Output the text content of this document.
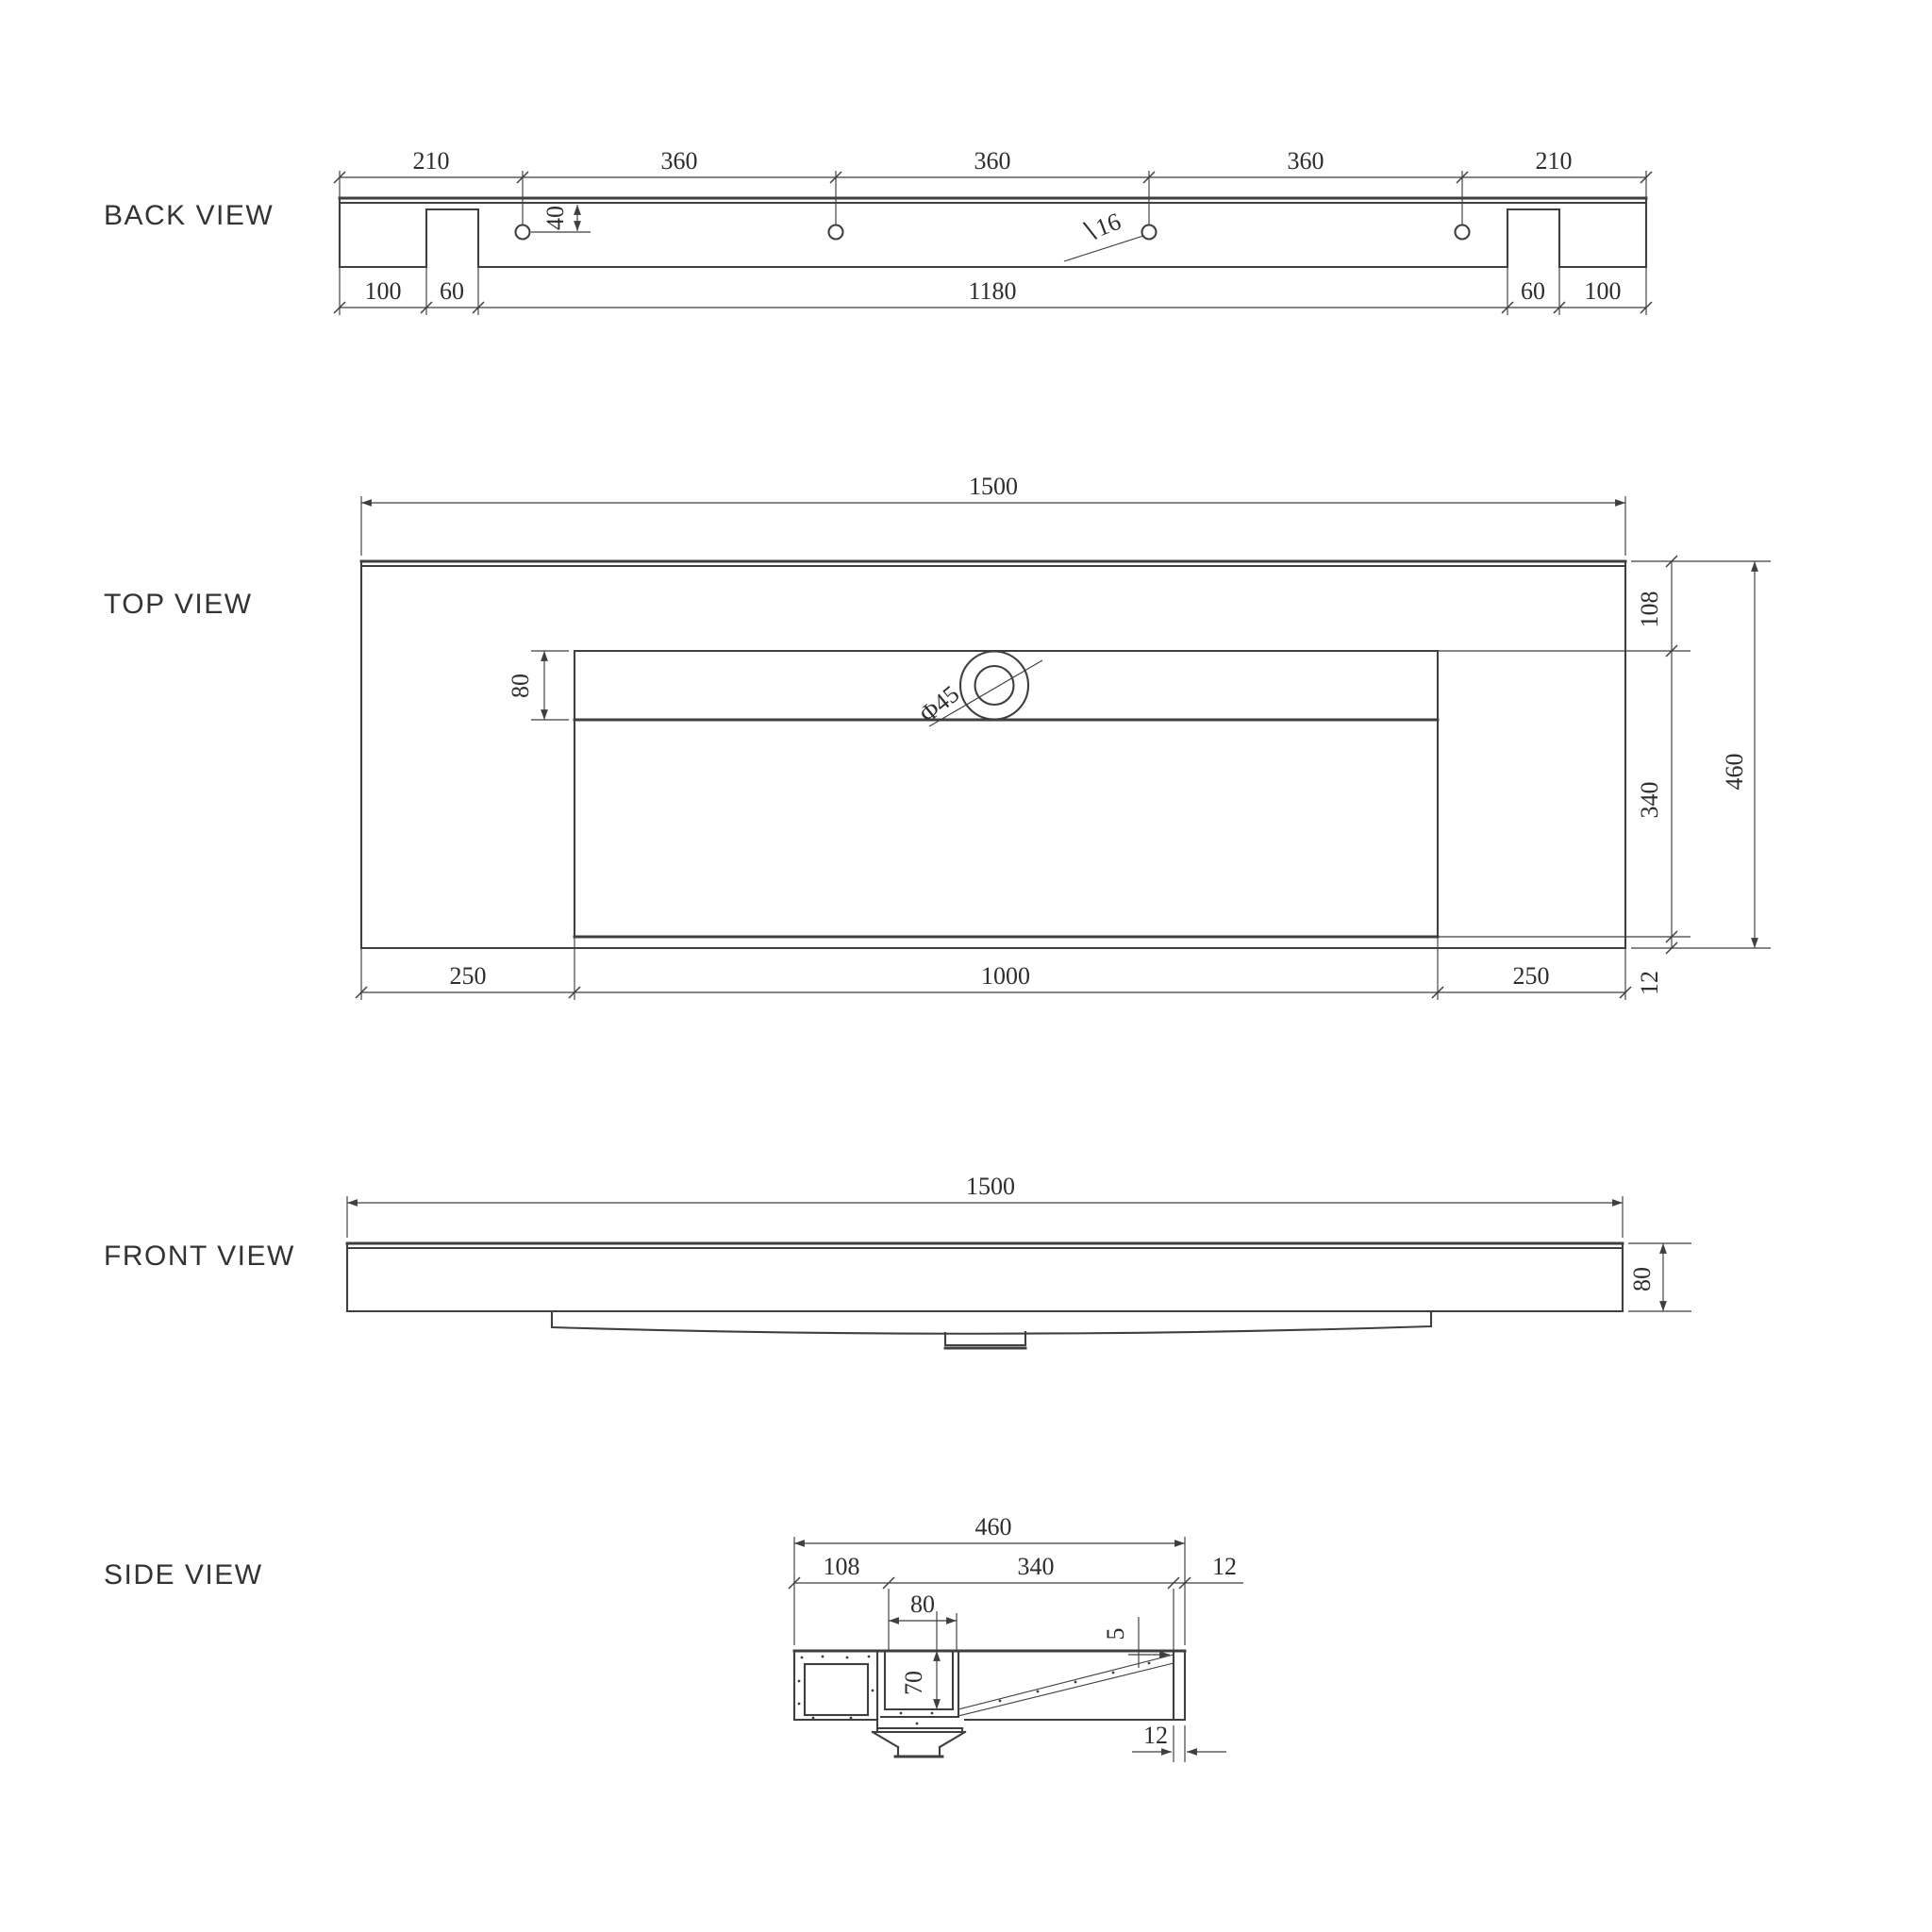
BACK VIEW
210	360	360	360	210
40	∖16
100 60	1180	60 100
TOP VIEW
Φ45
1500
80
108
340
12
460
250	1000	250
FRONT VIEW
1500
80
SIDE VIEW
460
108	340	12
80
5
70
12
